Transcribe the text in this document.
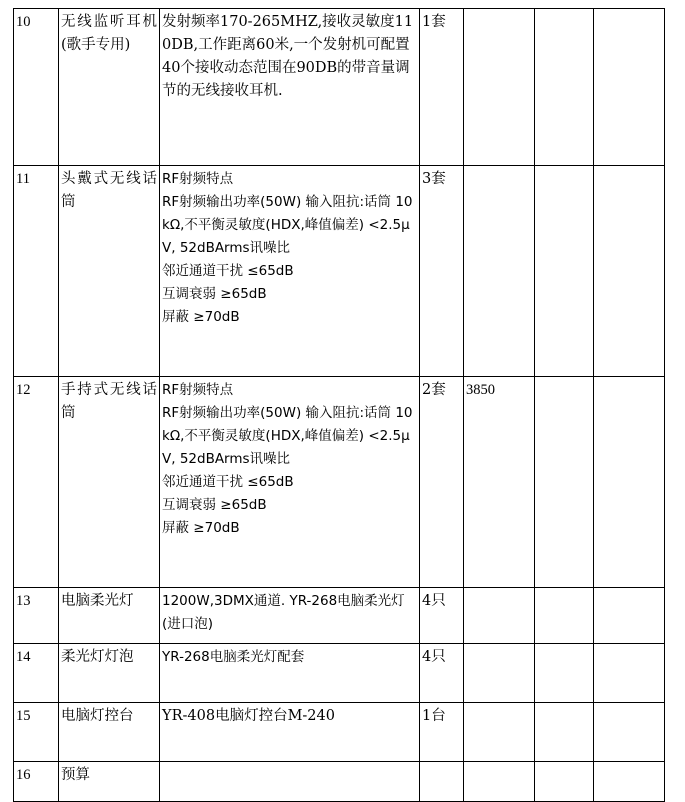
10	无线监听耳机(歌手专用)	发射频率170-265MHZ,接收灵敏度110DB,工作距离60米,一个发射机可配置40个接收动态范围在90DB的带音量调节的无线接收耳机.	1套			
11	头戴式无线话筒	RF射频特点
RF射频输出功率(50W) 输入阻抗:话筒 10kΩ,不平衡灵敏度(HDX,峰值偏差) <2.5μV, 52dBArms讯噪比
邻近通道干扰 ≤65dB
互调衰弱 ≥65dB
屏蔽 ≥70dB	3套			
12	手持式无线话筒	RF射频特点
RF射频输出功率(50W) 输入阻抗:话筒 10kΩ,不平衡灵敏度(HDX,峰值偏差) <2.5μV, 52dBArms讯噪比
邻近通道干扰 ≤65dB
互调衰弱 ≥65dB
屏蔽 ≥70dB	2套	3850		
13	电脑柔光灯	1200W,3DMX通道. YR-268电脑柔光灯(进口泡)	4只			
14	柔光灯灯泡	YR-268电脑柔光灯配套	4只			
15	电脑灯控台	YR-408电脑灯控台M-240	1台			
16	预算					
